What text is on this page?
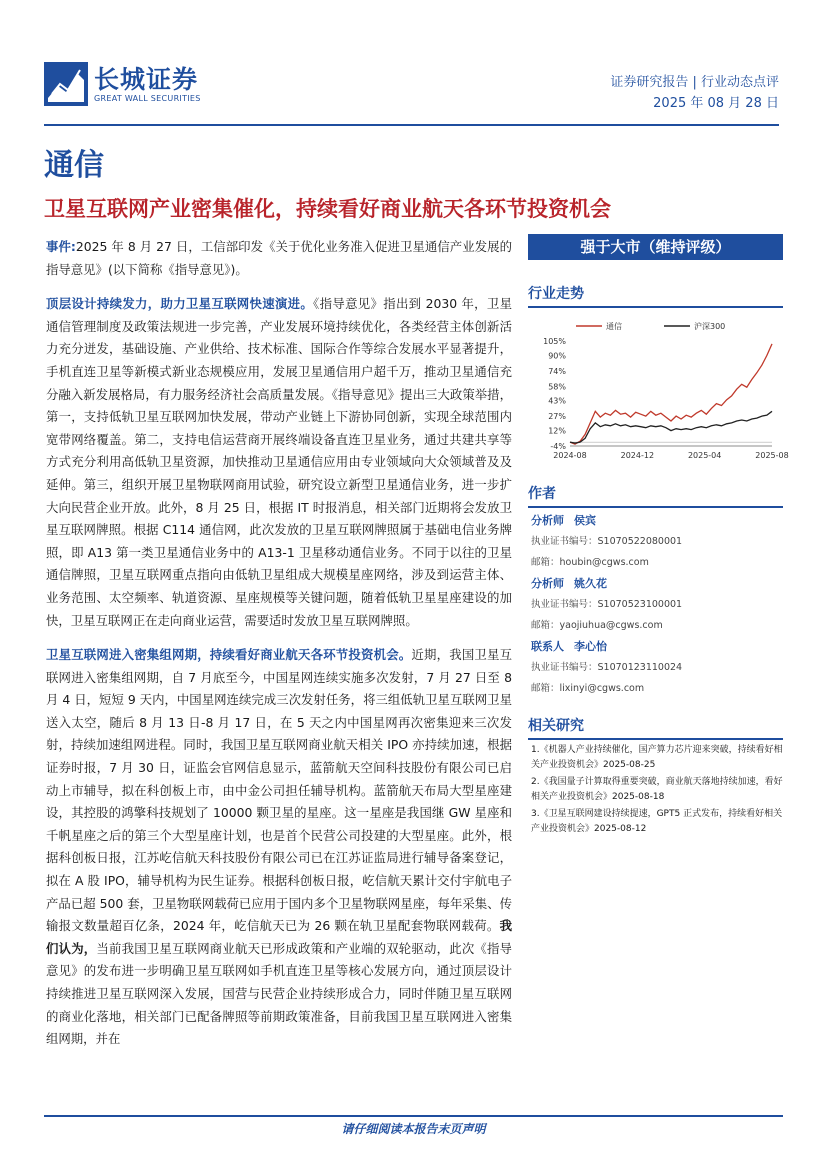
长城证券
GREAT WALL SECURITIES
证券研究报告 | 行业动态点评
2025 年 08 月 28 日
通信
卫星互联网产业密集催化，持续看好商业航天各环节投资机会

事件:2025 年 8 月 27 日，工信部印发《关于优化业务准入促进卫星通信产业发展的指导意见》(以下简称《指导意见》)。

顶层设计持续发力，助力卫星互联网快速演进。《指导意见》指出到 2030 年，卫星通信管理制度及政策法规进一步完善，产业发展环境持续优化，各类经营主体创新活力充分迸发，基础设施、产业供给、技术标准、国际合作等综合发展水平显著提升，手机直连卫星等新模式新业态规模应用，发展卫星通信用户超千万，推动卫星通信充分融入新发展格局，有力服务经济社会高质量发展。《指导意见》提出三大政策举措，第一，支持低轨卫星互联网加快发展，带动产业链上下游协同创新，实现全球范围内宽带网络覆盖。第二，支持电信运营商开展终端设备直连卫星业务，通过共建共享等方式充分利用高低轨卫星资源，加快推动卫星通信应用由专业领域向大众领域普及及延伸。第三，组织开展卫星物联网商用试验，研究设立新型卫星通信业务，进一步扩大向民营企业开放。此外，8 月 25 日，根据 IT 时报消息，相关部门近期将会发放卫星互联网牌照。根据 C114 通信网，此次发放的卫星互联网牌照属于基础电信业务牌照，即 A13 第一类卫星通信业务中的 A13-1 卫星移动通信业务。不同于以往的卫星通信牌照，卫星互联网重点指向由低轨卫星组成大规模星座网络，涉及到运营主体、业务范围、太空频率、轨道资源、星座规模等关键问题，随着低轨卫星星座建设的加快，卫星互联网正在走向商业运营，需要适时发放卫星互联网牌照。

卫星互联网进入密集组网期，持续看好商业航天各环节投资机会。近期，我国卫星互联网进入密集组网期，自 7 月底至今，中国星网连续实施多次发射，7 月 27 日至 8 月 4 日，短短 9 天内，中国星网连续完成三次发射任务，将三组低轨卫星互联网卫星送入太空，随后 8 月 13 日-8 月 17 日，在 5 天之内中国星网再次密集迎来三次发射，持续加速组网进程。同时，我国卫星互联网商业航天相关 IPO 亦持续加速，根据证券时报，7 月 30 日，证监会官网信息显示，蓝箭航天空间科技股份有限公司已启动上市辅导，拟在科创板上市，由中金公司担任辅导机构。蓝箭航天布局大型星座建设，其控股的鸿擎科技规划了 10000 颗卫星的星座。这一星座是我国继 GW 星座和千帆星座之后的第三个大型星座计划，也是首个民营公司投建的大型星座。此外，根据科创板日报，江苏屹信航天科技股份有限公司已在江苏证监局进行辅导备案登记，拟在 A 股 IPO，辅导机构为民生证券。根据科创板日报，屹信航天累计交付宇航电子产品已超 500 套，卫星物联网载荷已应用于国内多个卫星物联网星座，每年采集、传输报文数量超百亿条，2024 年，屹信航天已为 26 颗在轨卫星配套物联网载荷。我们认为，当前我国卫星互联网商业航天已形成政策和产业端的双轮驱动，此次《指导意见》的发布进一步明确卫星互联网如手机直连卫星等核心发展方向，通过顶层设计持续推进卫星互联网深入发展，国营与民营企业持续形成合力，同时伴随卫星互联网的商业化落地，相关部门已配备牌照等前期政策准备，目前我国卫星互联网进入密集组网期，并在

强于大市（维持评级）
行业走势
通信	沪深300
-4%
12%
27%
43%
58%
74%
90%
105%
2024-08	2024-12	2025-04	2025-08
作者
分析师 侯宾
执业证书编号：S1070522080001
邮箱：houbin@cgws.com
分析师 姚久花
执业证书编号：S1070523100001
邮箱：yaojiuhua@cgws.com
联系人 李心怡
执业证书编号：S1070123110024
邮箱：lixinyi@cgws.com
相关研究
1.《机器人产业持续催化，国产算力芯片迎来突破，持续看好相关产业投资机会》2025-08-25
2.《我国量子计算取得重要突破，商业航天落地持续加速，看好相关产业投资机会》2025-08-18
3.《卫星互联网建设持续提速，GPT5 正式发布，持续看好相关产业投资机会》2025-08-12
请仔细阅读本报告末页声明
